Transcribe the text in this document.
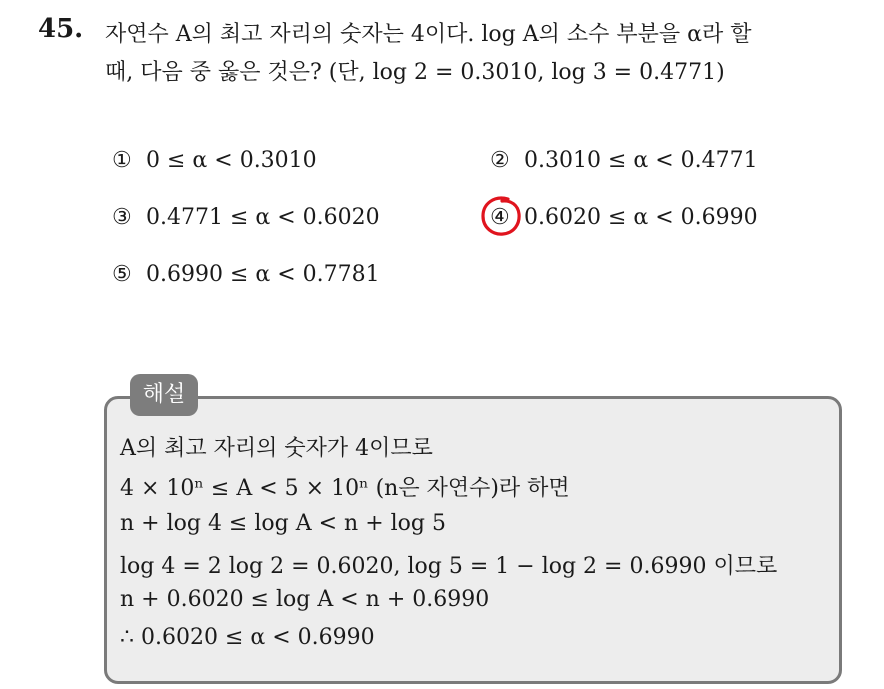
45. 자연수 A의 최고 자리의 숫자는 4이다. log A의 소수 부분을 α라 할
때, 다음 중 옳은 것은? (단, log 2 = 0.3010, log 3 = 0.4771)
① 0 ≤ α < 0.3010	② 0.3010 ≤ α < 0.4771
③ 0.4771 ≤ α < 0.6020	④ 0.6020 ≤ α < 0.6990
⑤ 0.6990 ≤ α < 0.7781
해설
A의 최고 자리의 숫자가 4이므로
4 × 10ⁿ ≤ A < 5 × 10ⁿ (n은 자연수)라 하면
n + log 4 ≤ log A < n + log 5
log 4 = 2 log 2 = 0.6020, log 5 = 1 − log 2 = 0.6990 이므로
n + 0.6020 ≤ log A < n + 0.6990
∴ 0.6020 ≤ α < 0.6990
